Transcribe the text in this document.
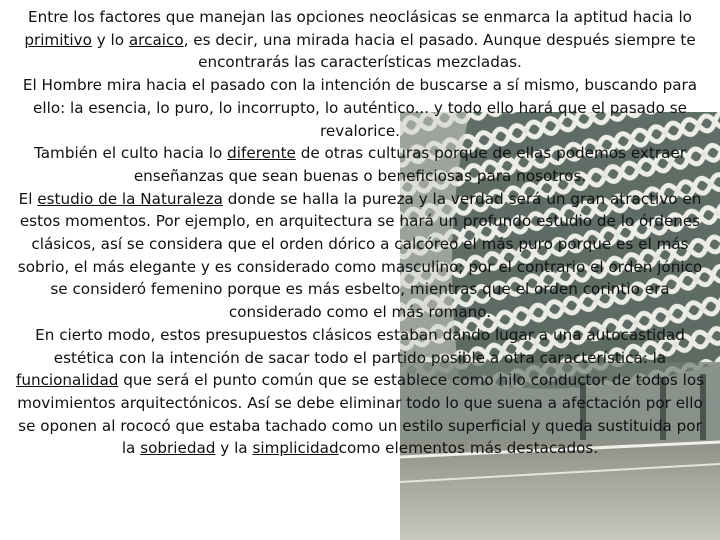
Entre los factores que manejan las opciones neoclásicas se enmarca la aptitud hacia lo primitivo y lo arcaico, es decir, una mirada hacia el pasado. Aunque después siempre te encontrarás las características mezcladas.

El Hombre mira hacia el pasado con la intención de buscarse a sí mismo, buscando para ello: la esencia, lo puro, lo incorrupto, lo auténtico... y todo ello hará que el pasado se revalorice.

También el culto hacia lo diferente de otras culturas porque de ellas podemos extraer enseñanzas que sean buenas o beneficiosas para nosotros.

El estudio de la Naturaleza donde se halla la pureza y la verdad será un gran atractivo en estos momentos. Por ejemplo, en arquitectura se hará un profundo estudio de lo órdenes clásicos, así se considera que el orden dórico a calcóreo el más puro porque es el más sobrio, el más elegante y es considerado como masculino; por el contrario el orden jónico se consideró femenino porque es más esbelto, mientras que el orden corintio era considerado como el más romano.

En cierto modo, estos presupuestos clásicos estaban dando lugar a una autocastidad estética con la intención de sacar todo el partido posible a otra característica: la funcionalidad que será el punto común que se establece como hilo conductor de todos los movimientos arquitectónicos. Así se debe eliminar todo lo que suena a afectación por ello se oponen al rococó que estaba tachado como un estilo superficial y queda sustituida por la sobriedad y la simplicidadcomo elementos más destacados.
